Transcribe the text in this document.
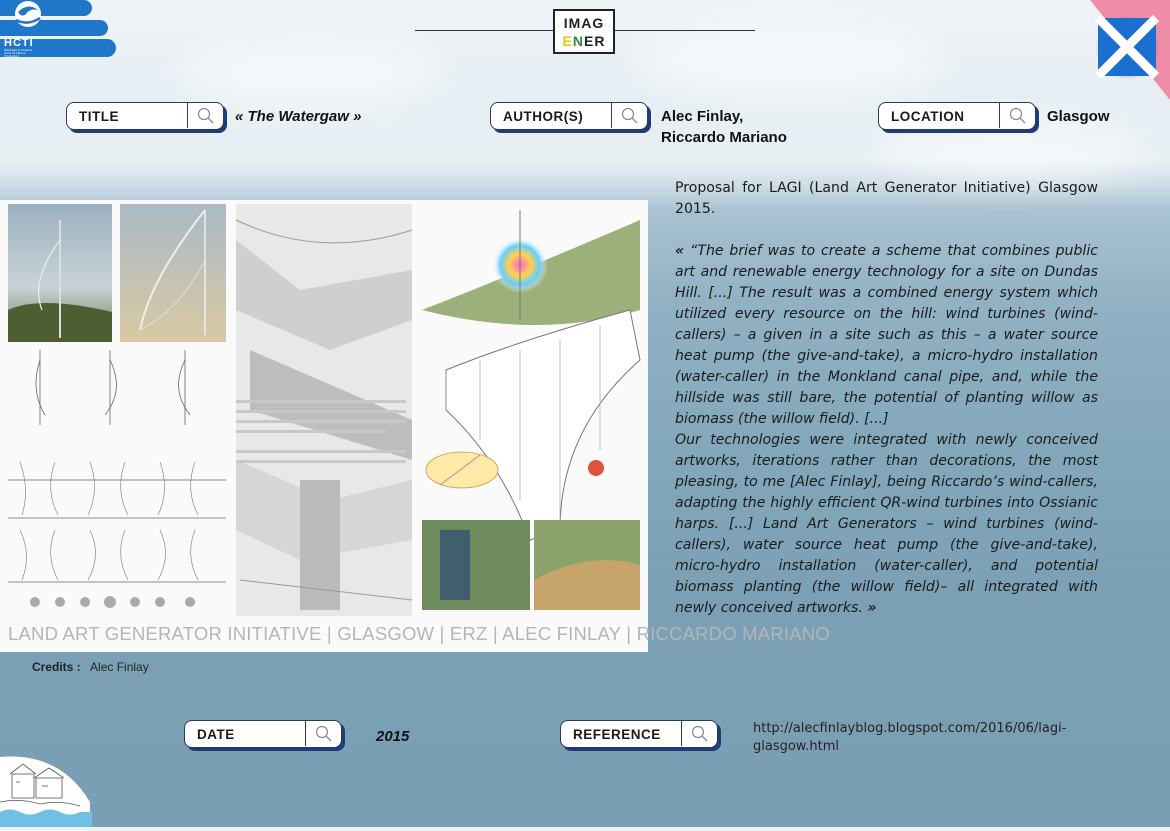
HCTI
Héritage & Culture dans la Ville & l'Industrie
IMAG
ENER
TITLE	« The Watergaw »	AUTHOR(S)	Alec Finlay,
Riccardo Mariano
LOCATION	Glasgow
LAND ART GENERATOR INITIATIVE | GLASGOW | ERZ | ALEC FINLAY | RICCARDO MARIANO
Credits : Alec Finlay
Proposal for LAGI (Land Art Generator Initiative) Glasgow 2015.
« “The brief was to create a scheme that combines public art and renewable energy technology for a site on Dundas Hill. [...] The result was a combined energy system which utilized every resource on the hill: wind turbines (wind-callers) – a given in a site such as this – a water source heat pump (the give-and-take), a micro-hydro installation (water-caller) in the Monkland canal pipe, and, while the hillside was still bare, the potential of planting willow as biomass (the willow field). [...]
Our technologies were integrated with newly conceived artworks, iterations rather than decorations, the most pleasing, to me [Alec Finlay], being Riccardo’s wind-callers, adapting the highly efficient QR-wind turbines into Ossianic harps. [...] Land Art Generators – wind turbines (wind-callers), water source heat pump (the give-and-take), micro-hydro installation (water-caller), and potential biomass planting (the willow field)– all integrated with newly conceived artworks. »
DATE	2015	REFERENCE	http://alecfinlayblog.blogspot.com/2016/06/lagi-glasgow.html
